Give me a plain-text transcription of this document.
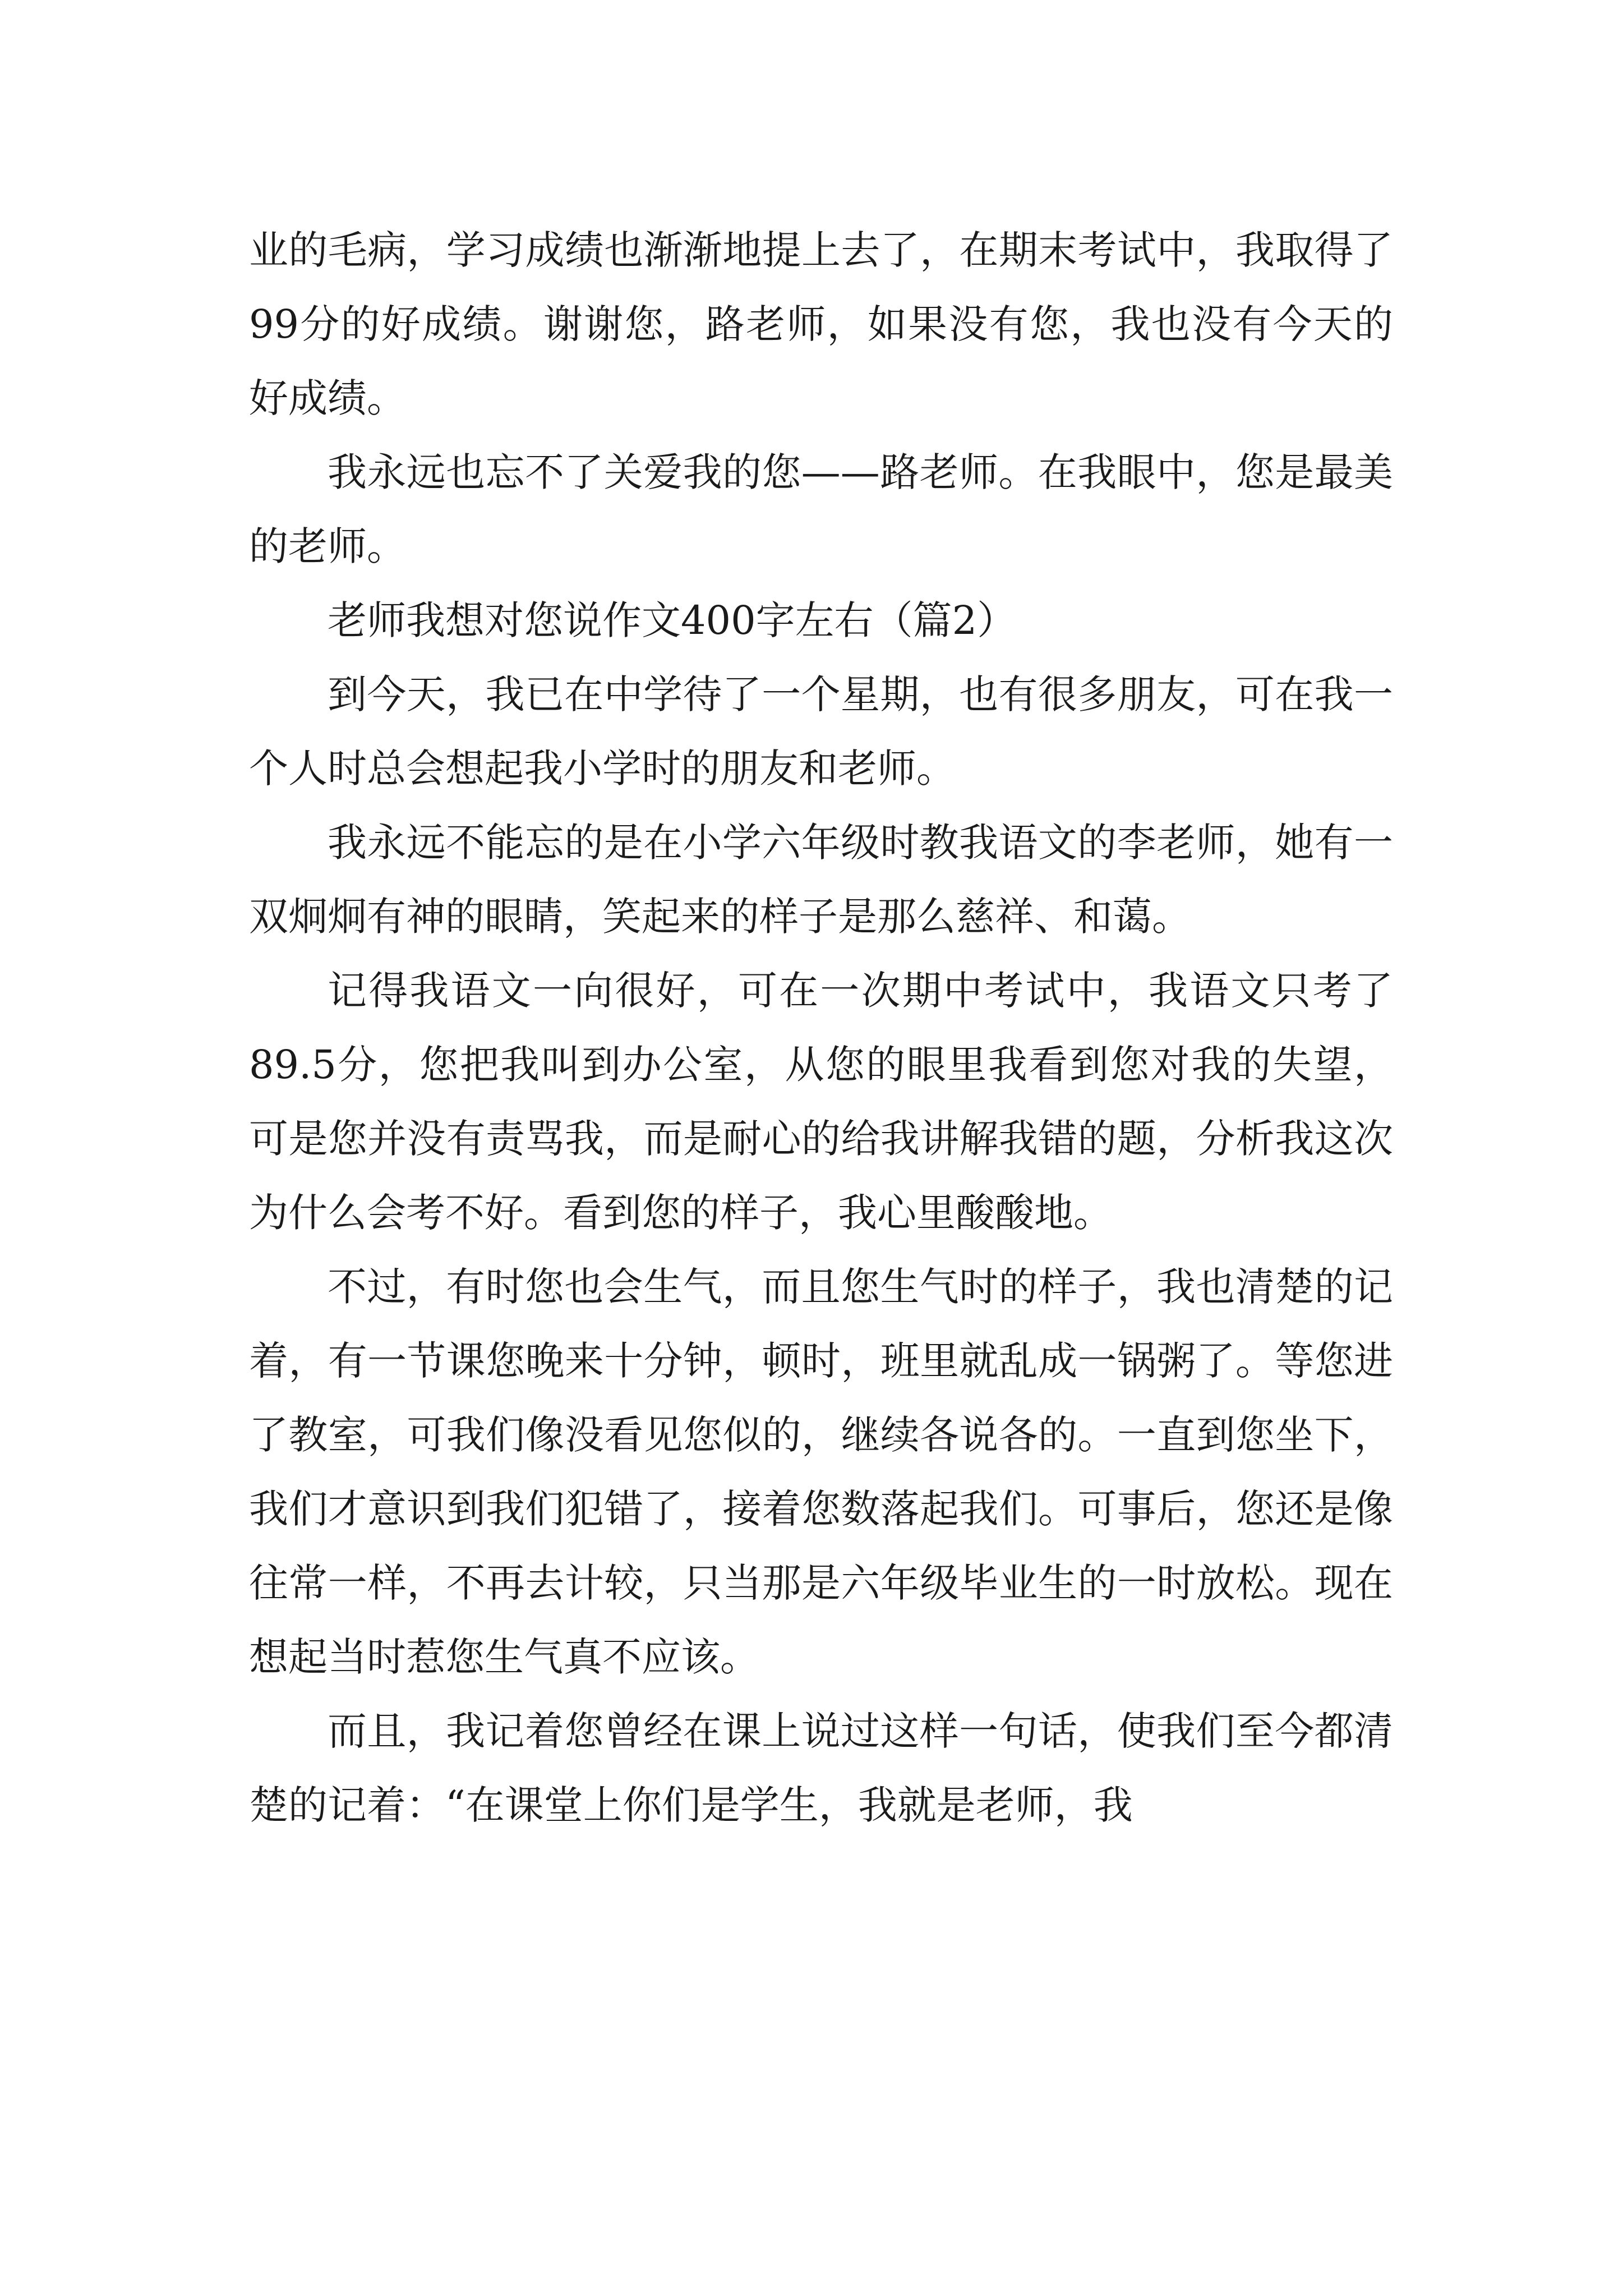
业的毛病，学习成绩也渐渐地提上去了，在期末考试中，我取得了99分的好成绩。谢谢您，路老师，如果没有您，我也没有今天的好成绩。

我永远也忘不了关爱我的您——路老师。在我眼中，您是最美的老师。

老师我想对您说作文400字左右（篇2）

到今天，我已在中学待了一个星期，也有很多朋友，可在我一个人时总会想起我小学时的朋友和老师。

我永远不能忘的是在小学六年级时教我语文的李老师，她有一双炯炯有神的眼睛，笑起来的样子是那么慈祥、和蔼。

记得我语文一向很好，可在一次期中考试中，我语文只考了89.5分，您把我叫到办公室，从您的眼里我看到您对我的失望，可是您并没有责骂我，而是耐心的给我讲解我错的题，分析我这次为什么会考不好。看到您的样子，我心里酸酸地。

不过，有时您也会生气，而且您生气时的样子，我也清楚的记着，有一节课您晚来十分钟，顿时，班里就乱成一锅粥了。等您进了教室，可我们像没看见您似的，继续各说各的。一直到您坐下，我们才意识到我们犯错了，接着您数落起我们。可事后，您还是像往常一样，不再去计较，只当那是六年级毕业生的一时放松。现在想起当时惹您生气真不应该。

而且，我记着您曾经在课上说过这样一句话，使我们至今都清楚的记着：“在课堂上你们是学生，我就是老师，我
